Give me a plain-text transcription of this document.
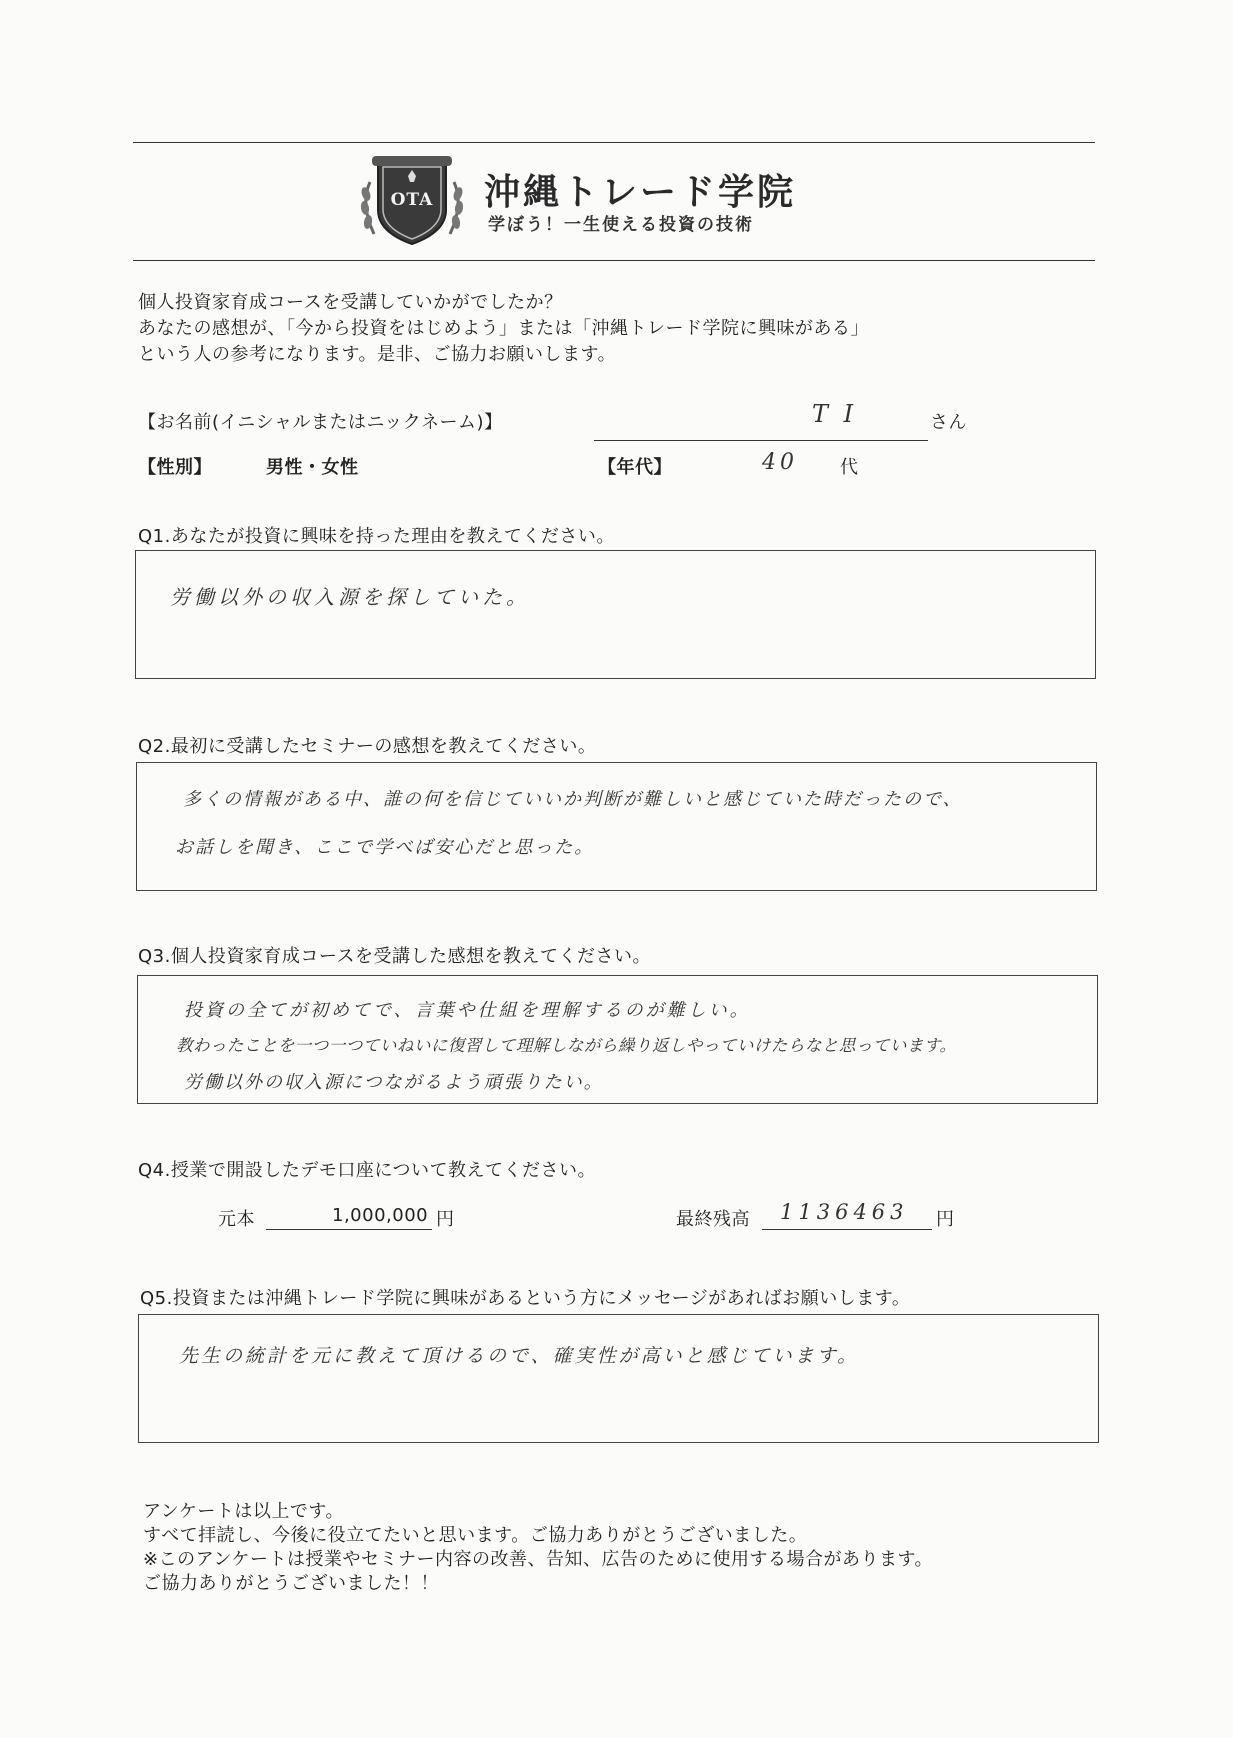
OTA 沖縄トレード学院
学ぼう！一生使える投資の技術

個人投資家育成コースを受講していかがでしたか？

あなたの感想が、「今から投資をはじめよう」または「沖縄トレード学院に興味がある」

という人の参考になります。是非、ご協力お願いします。

【お名前(イニシャルまたはニックネーム)】	T I	さん
【性別】	男性・女性	【年代】	40 代
Q1.あなたが投資に興味を持った理由を教えてください。
労働以外の収入源を探していた。
Q2.最初に受講したセミナーの感想を教えてください。
多くの情報がある中、誰の何を信じていいか判断が難しいと感じていた時だったので、
お話しを聞き、ここで学べば安心だと思った。
Q3.個人投資家育成コースを受講した感想を教えてください。
投資の全てが初めてで、言葉や仕組を理解するのが難しい。
教わったことを一つ一つていねいに復習して理解しながら繰り返しやっていけたらなと思っています。
労働以外の収入源につながるよう頑張りたい。
Q4.授業で開設したデモ口座について教えてください。
元本	1,000,000 円	最終残高 1136463 円
Q5.投資または沖縄トレード学院に興味があるという方にメッセージがあればお願いします。
先生の統計を元に教えて頂けるので、確実性が高いと感じています。

アンケートは以上です。

すべて拝読し、今後に役立てたいと思います。ご協力ありがとうございました。

※このアンケートは授業やセミナー内容の改善、告知、広告のために使用する場合があります。

ご協力ありがとうございました！！
